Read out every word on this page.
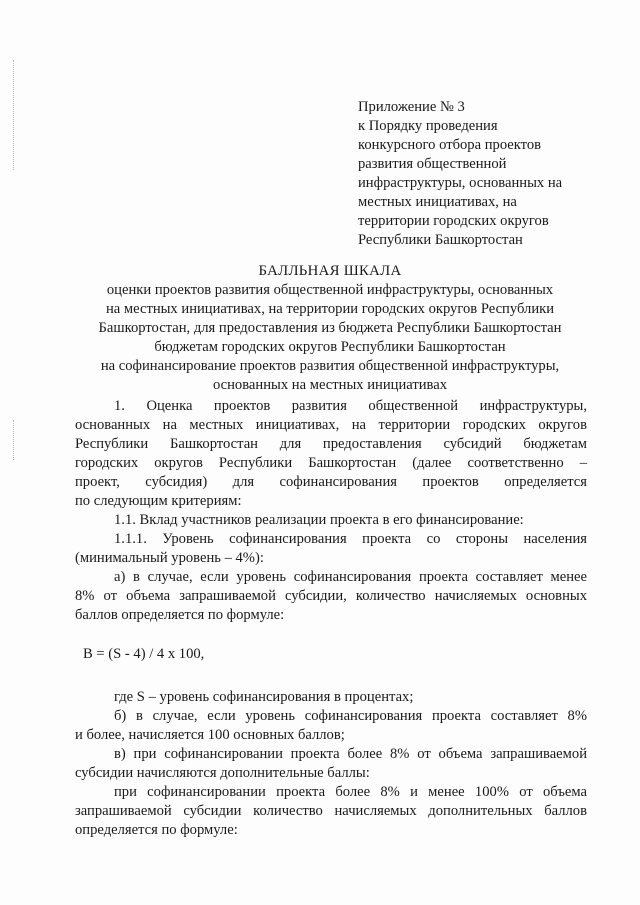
Приложение № 3
к Порядку проведения
конкурсного отбора проектов
развития общественной
инфраструктуры, основанных на
местных инициативах, на
территории городских округов
Республики Башкортостан
БАЛЛЬНАЯ ШКАЛА
оценки проектов развития общественной инфраструктуры, основанных
на местных инициативах, на территории городских округов Республики
Башкортостан, для предоставления из бюджета Республики Башкортостан
бюджетам городских округов Республики Башкортостан
на софинансирование проектов развития общественной инфраструктуры,
основанных на местных инициативах
1. Оценка проектов развития общественной инфраструктуры,
основанных на местных инициативах, на территории городских округов
Республики Башкортостан для предоставления субсидий бюджетам
городских округов Республики Башкортостан (далее соответственно –
проект, субсидия) для софинансирования проектов определяется
по следующим критериям:
1.1. Вклад участников реализации проекта в его финансирование:
1.1.1. Уровень софинансирования проекта со стороны населения
(минимальный уровень – 4%):
а) в случае, если уровень софинансирования проекта составляет менее
8% от объема запрашиваемой субсидии, количество начисляемых основных
баллов определяется по формуле:
В = (S - 4) / 4 х 100,
где S – уровень софинансирования в процентах;
б) в случае, если уровень софинансирования проекта составляет 8%
и более, начисляется 100 основных баллов;
в) при софинансировании проекта более 8% от объема запрашиваемой
субсидии начисляются дополнительные баллы:
при софинансировании проекта более 8% и менее 100% от объема
запрашиваемой субсидии количество начисляемых дополнительных баллов
определяется по формуле:
